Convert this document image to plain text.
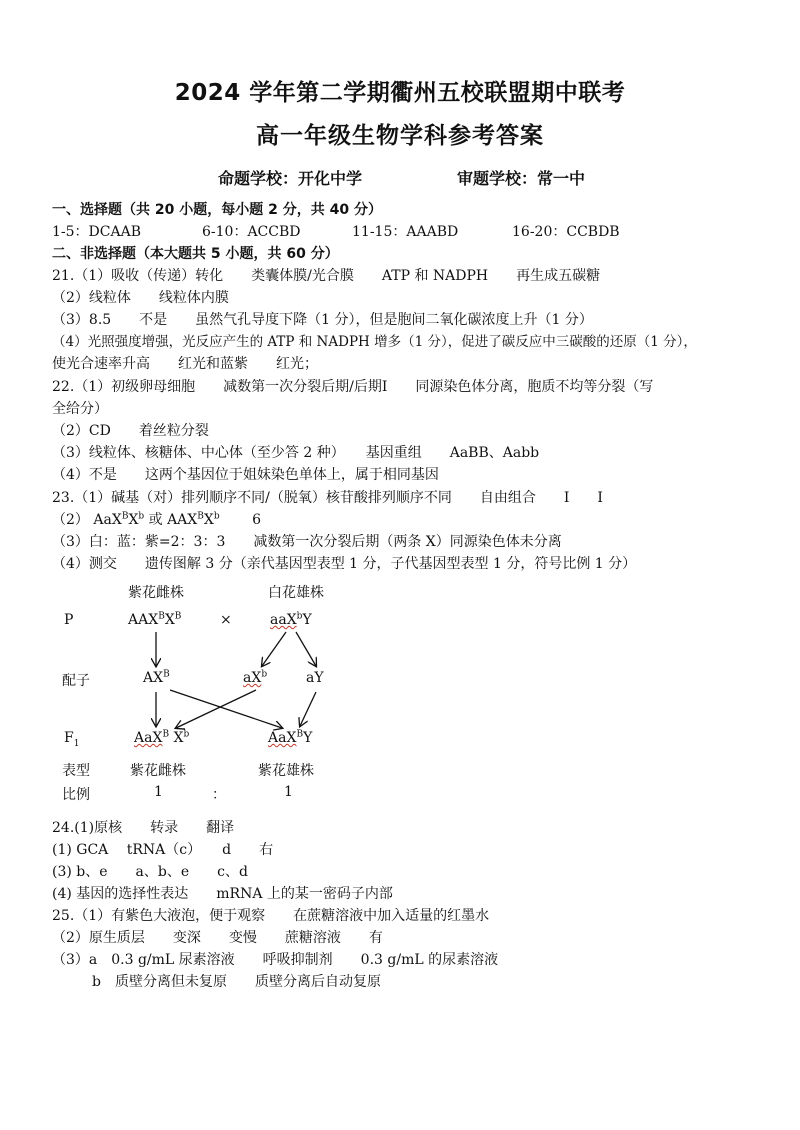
2024 学年第二学期衢州五校联盟期中联考
高一年级生物学科参考答案
命题学校：开化中学	审题学校：常一中
一、选择题（共 20 小题，每小题 2 分，共 40 分）
1-5：DCAAB	6-10：ACCBD	11-15：AAABD	16-20：CCBDB
二、非选择题（本大题共 5 小题，共 60 分）
21.（1）吸收（传递）转化　　类囊体膜/光合膜　　ATP 和 NADPH　　再生成五碳糖
（2）线粒体　　线粒体内膜
（3）8.5　　不是　　虽然气孔导度下降（1 分），但是胞间二氧化碳浓度上升（1 分）
（4）光照强度增强，光反应产生的 ATP 和 NADPH 增多（1 分），促进了碳反应中三碳酸的还原（1 分），
使光合速率升高　　红光和蓝紫　　红光；
22.（1）初级卵母细胞　　减数第一次分裂后期/后期Ⅰ　　同源染色体分离，胞质不均等分裂（写
全给分）
（2）CD　　着丝粒分裂
（3）线粒体、核糖体、中心体（至少答 2 种）　　基因重组　　AaBB、Aabb
（4）不是　　这两个基因位于姐妹染色单体上，属于相同基因
23.（1）碱基（对）排列顺序不同/（脱氧）核苷酸排列顺序不同　　自由组合　　Ⅰ　　Ⅰ
（2） $AaX^BX^b$ 或 $AAX^BX^b$ 6
（3）白：蓝：紫=2：3：3　　减数第一次分裂后期（两条 X）同源染色体未分离
（4）测交　　遗传图解 3 分（亲代基因型表型 1 分，子代基因型表型 1 分，符号比例 1 分）
紫花雌株	白花雄株
P	$AAX^BX^B$	×	aaX$^b$Y
配子	$AX^B$	$aX^b$	aY
$F_1$	AaX$^B$ $X^b$	AaX$^B$Y
表型	紫花雌株	紫花雄株
比例	1	：	1
24.(1)原核　　转录　　翻译
(1) GCA　 tRNA（c）　　d　　右
(3) b、e　　a、b、e　　c、d
(4) 基因的选择性表达　　mRNA 上的某一密码子内部
25.（1）有紫色大液泡，便于观察　　在蔗糖溶液中加入适量的红墨水
（2）原生质层　　变深　　变慢　　蔗糖溶液　　有
（3）a　0.3 g/mL 尿素溶液　　呼吸抑制剂　　0.3 g/mL 的尿素溶液
b　质壁分离但未复原　　质壁分离后自动复原
